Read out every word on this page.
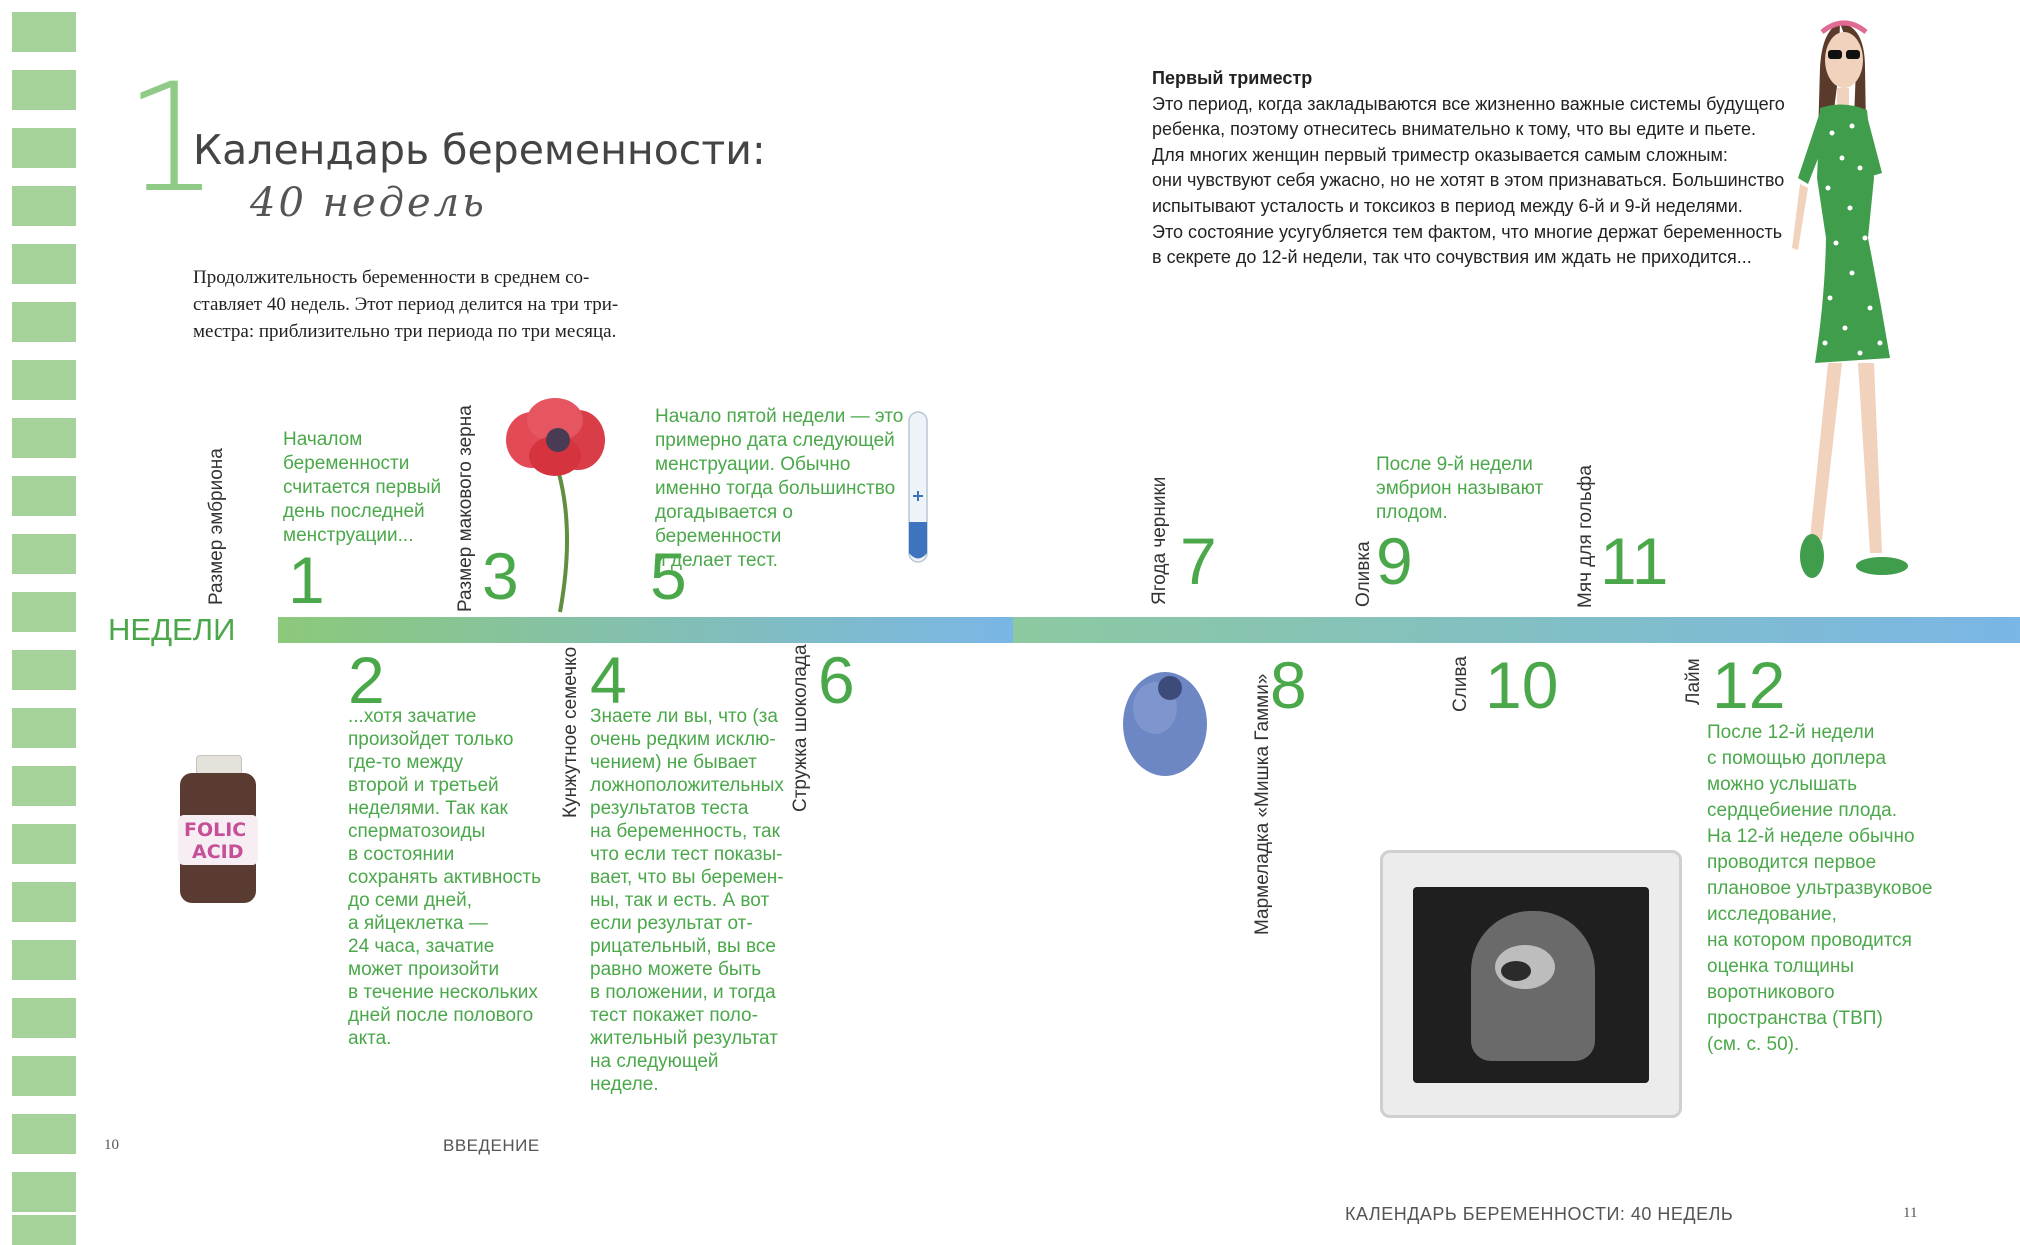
1
Календарь беременности:
40 недель
Продолжительность беременности в среднем со-
ставляет 40 недель. Этот период делится на три три-
местра: приблизительно три периода по три месяца.
Первый триместр
Это период, когда закладываются все жизненно важные системы будущего
ребенка, поэтому отнеситесь внимательно к тому, что вы едите и пьете.
Для многих женщин первый триместр оказывается самым сложным:
они чувствуют себя ужасно, но не хотят в этом признаваться. Большинство
испытывают усталость и токсикоз в период между 6-й и 9-й неделями.
Это состояние усугубляется тем фактом, что многие держат беременность
в секрете до 12-й недели, так что сочувствия им ждать не приходится...
НЕДЕЛИ
Размер эмбриона 1
Началом
беременности
считается первый
день последней
менструации...	Размер макового зерна 3 5
Начало пятой недели — это
примерно дата следующей
менструации. Обычно
именно тогда большинство
догадывается о беременности
и делает тест.
2
...хотя зачатие
произойдет только
где-то между
второй и третьей
неделями. Так как
сперматозоиды
в состоянии
сохранять активность
до семи дней,
а яйцеклетка —
24 часа, зачатие
может произойти
в течение нескольких
дней после полового
акта.
FOLIC
ACID
Кунжутное семечко 4
Знаете ли вы, что (за
очень редким исклю-
чением) не бывает
ложноположительных
результатов теста
на беременность, так
что если тест показы-
вает, что вы беремен-
ны, так и есть. А вот
если результат от-
рицательный, вы все
равно можете быть
в положении, и тогда
тест покажет поло-
жительный результат
на следующей неделе.
Стружка шоколада 6
Ягода черники 7
Мармеладка «Мишка Гамми»
8
Оливка 9
После 9-й недели
эмбрион называют
плодом.
Слива 10
Мяч для гольфа 11
Лайм 12
После 12-й недели
с помощью доплера
можно услышать
сердцебиение плода.
На 12-й неделе обычно
проводится первое
плановое ультразвуковое
исследование,
на котором проводится
оценка толщины
воротникового
пространства (ТВП)
(см. с. 50).
10	ВВЕДЕНИЕ
КАЛЕНДАРЬ БЕРЕМЕННОСТИ: 40 НЕДЕЛЬ	11
